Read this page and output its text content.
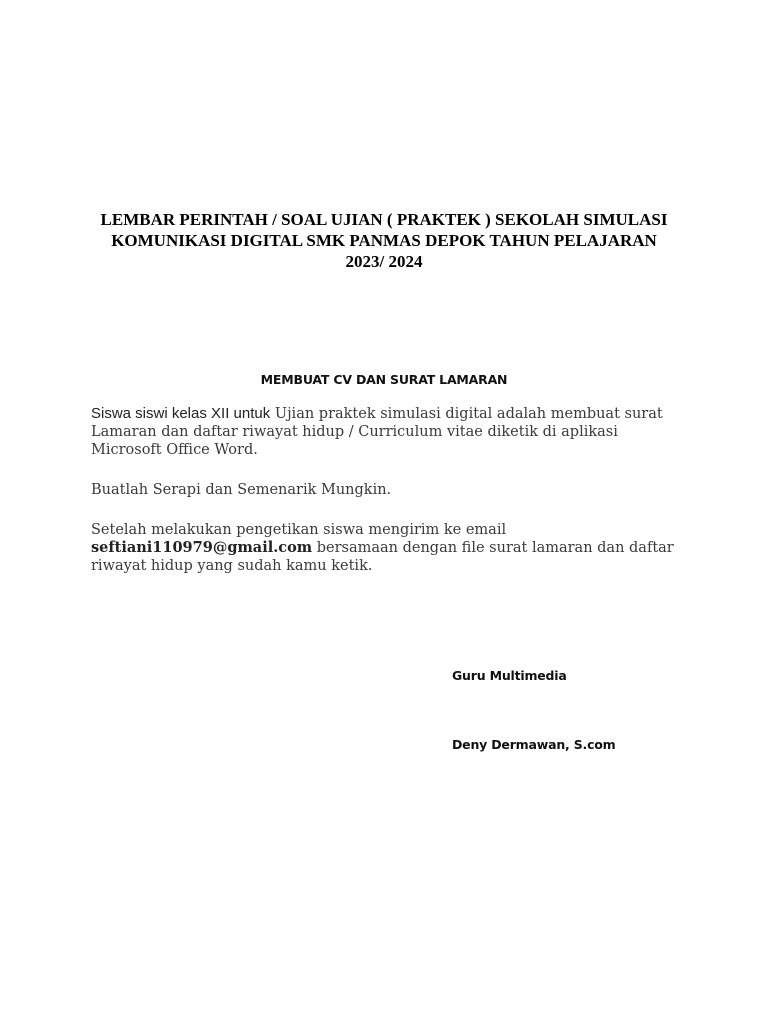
LEMBAR PERINTAH / SOAL UJIAN ( PRAKTEK ) SEKOLAH SIMULASI KOMUNIKASI DIGITAL SMK PANMAS DEPOK TAHUN PELAJARAN 2023/ 2024
MEMBUAT CV DAN SURAT LAMARAN

Siswa siswi kelas XII untuk Ujian praktek simulasi digital adalah membuat surat Lamaran dan daftar riwayat hidup / Curriculum vitae diketik di aplikasi Microsoft Office Word.

Buatlah Serapi dan Semenarik Mungkin.

Setelah melakukan pengetikan siswa mengirim ke email seftiani110979@gmail.com bersamaan dengan file surat lamaran dan daftar riwayat hidup yang sudah kamu ketik.

Guru Multimedia
Deny Dermawan, S.com
